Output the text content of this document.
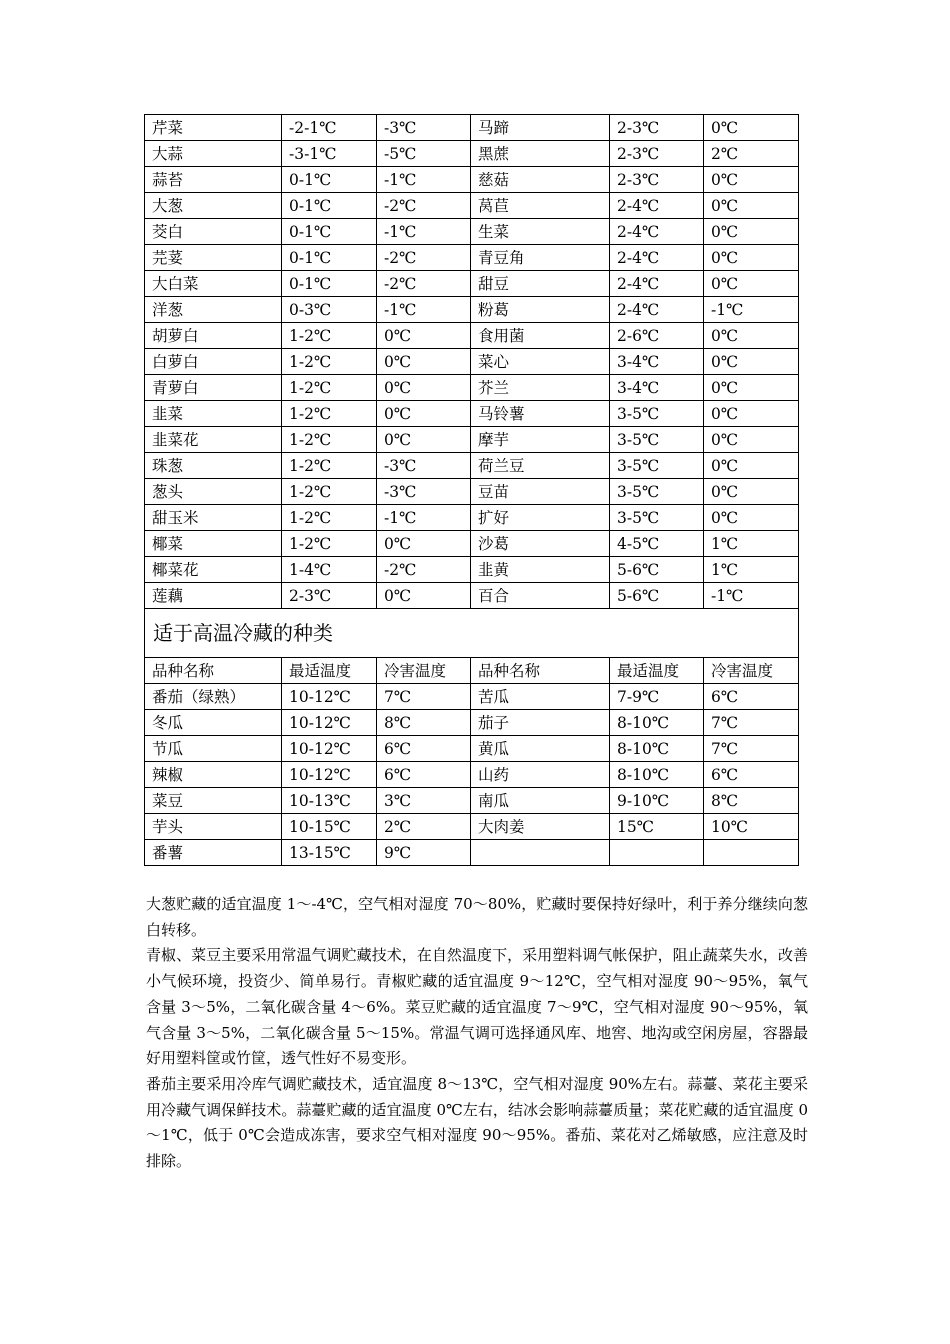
芹菜	-2-1℃	-3℃	马蹄	2-3℃	0℃
大蒜	-3-1℃	-5℃	黑蔗	2-3℃	2℃
蒜苔	0-1℃	-1℃	慈菇	2-3℃	0℃
大葱	0-1℃	-2℃	莴苣	2-4℃	0℃
茭白	0-1℃	-1℃	生菜	2-4℃	0℃
芫荽	0-1℃	-2℃	青豆角	2-4℃	0℃
大白菜	0-1℃	-2℃	甜豆	2-4℃	0℃
洋葱	0-3℃	-1℃	粉葛	2-4℃	-1℃
胡萝白	1-2℃	0℃	食用菌	2-6℃	0℃
白萝白	1-2℃	0℃	菜心	3-4℃	0℃
青萝白	1-2℃	0℃	芥兰	3-4℃	0℃
韭菜	1-2℃	0℃	马铃薯	3-5℃	0℃
韭菜花	1-2℃	0℃	摩芋	3-5℃	0℃
珠葱	1-2℃	-3℃	荷兰豆	3-5℃	0℃
葱头	1-2℃	-3℃	豆苗	3-5℃	0℃
甜玉米	1-2℃	-1℃	扩好	3-5℃	0℃
椰菜	1-2℃	0℃	沙葛	4-5℃	1℃
椰菜花	1-4℃	-2℃	韭黄	5-6℃	1℃
莲藕	2-3℃	0℃	百合	5-6℃	-1℃
适于高温冷藏的种类					
品种名称	最适温度	冷害温度	品种名称	最适温度	冷害温度
番茄（绿熟）	10-12℃	7℃	苦瓜	7-9℃	6℃
冬瓜	10-12℃	8℃	茄子	8-10℃	7℃
节瓜	10-12℃	6℃	黄瓜	8-10℃	7℃
辣椒	10-12℃	6℃	山药	8-10℃	6℃
菜豆	10-13℃	3℃	南瓜	9-10℃	8℃
芋头	10-15℃	2℃	大肉姜	15℃	10℃
番薯	13-15℃	9℃			

大葱贮藏的适宜温度 1～-4℃，空气相对湿度 70～80%，贮藏时要保持好绿叶，利于养分继续向葱白转移。

青椒、菜豆主要采用常温气调贮藏技术，在自然温度下，采用塑料调气帐保护，阻止蔬菜失水，改善小气候环境，投资少、简单易行。青椒贮藏的适宜温度 9～12℃，空气相对湿度 90～95%，氧气含量 3～5%，二氧化碳含量 4～6%。菜豆贮藏的适宜温度 7～9℃，空气相对湿度 90～95%，氧气含量 3～5%，二氧化碳含量 5～15%。常温气调可选择通风库、地窖、地沟或空闲房屋，容器最好用塑料筐或竹筐，透气性好不易变形。

番茄主要采用冷库气调贮藏技术，适宜温度 8～13℃，空气相对湿度 90%左右。蒜薹、菜花主要采用冷藏气调保鲜技术。蒜薹贮藏的适宜温度 0℃左右，结冰会影响蒜薹质量；菜花贮藏的适宜温度 0～1℃，低于 0℃会造成冻害，要求空气相对湿度 90～95%。番茄、菜花对乙烯敏感，应注意及时排除。
